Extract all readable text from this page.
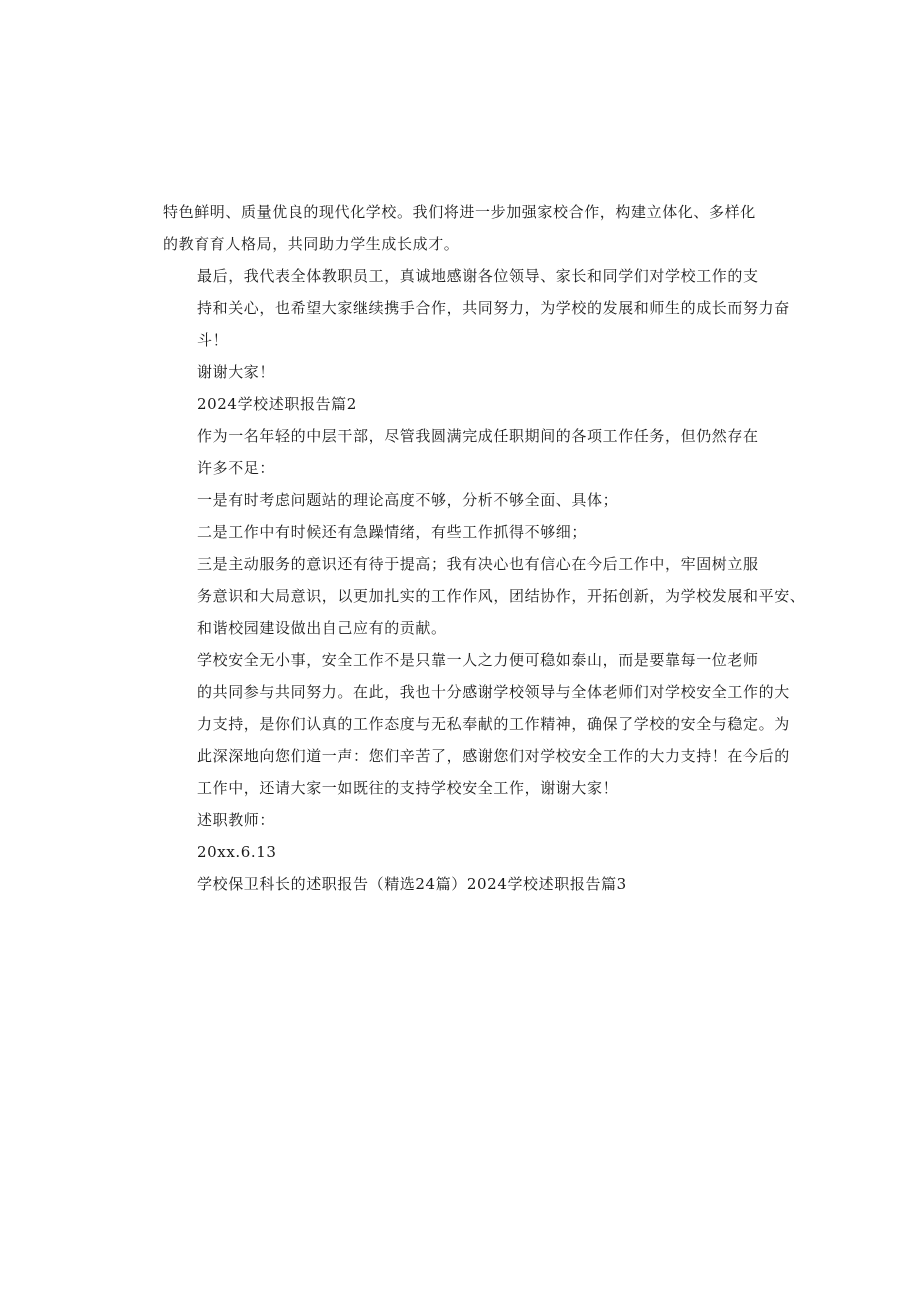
特色鲜明、质量优良的现代化学校。我们将进一步加强家校合作，构建立体化、多样化
的教育育人格局，共同助力学生成长成才。

最后，我代表全体教职员工，真诚地感谢各位领导、家长和同学们对学校工作的支
持和关心，也希望大家继续携手合作，共同努力，为学校的发展和师生的成长而努力奋
斗！

谢谢大家！

2024学校述职报告篇2

作为一名年轻的中层干部，尽管我圆满完成任职期间的各项工作任务，但仍然存在
许多不足：

一是有时考虑问题站的理论高度不够，分析不够全面、具体；

二是工作中有时候还有急躁情绪，有些工作抓得不够细；

三是主动服务的意识还有待于提高；我有决心也有信心在今后工作中，牢固树立服
务意识和大局意识，以更加扎实的工作作风，团结协作，开拓创新，为学校发展和平安、
和谐校园建设做出自己应有的贡献。

学校安全无小事，安全工作不是只靠一人之力便可稳如泰山，而是要靠每一位老师
的共同参与共同努力。在此，我也十分感谢学校领导与全体老师们对学校安全工作的大
力支持，是你们认真的工作态度与无私奉献的工作精神，确保了学校的安全与稳定。为
此深深地向您们道一声：您们辛苦了，感谢您们对学校安全工作的大力支持！在今后的
工作中，还请大家一如既往的支持学校安全工作，谢谢大家！

述职教师：

20xx.6.13

学校保卫科长的述职报告（精选24篇）2024学校述职报告篇3
